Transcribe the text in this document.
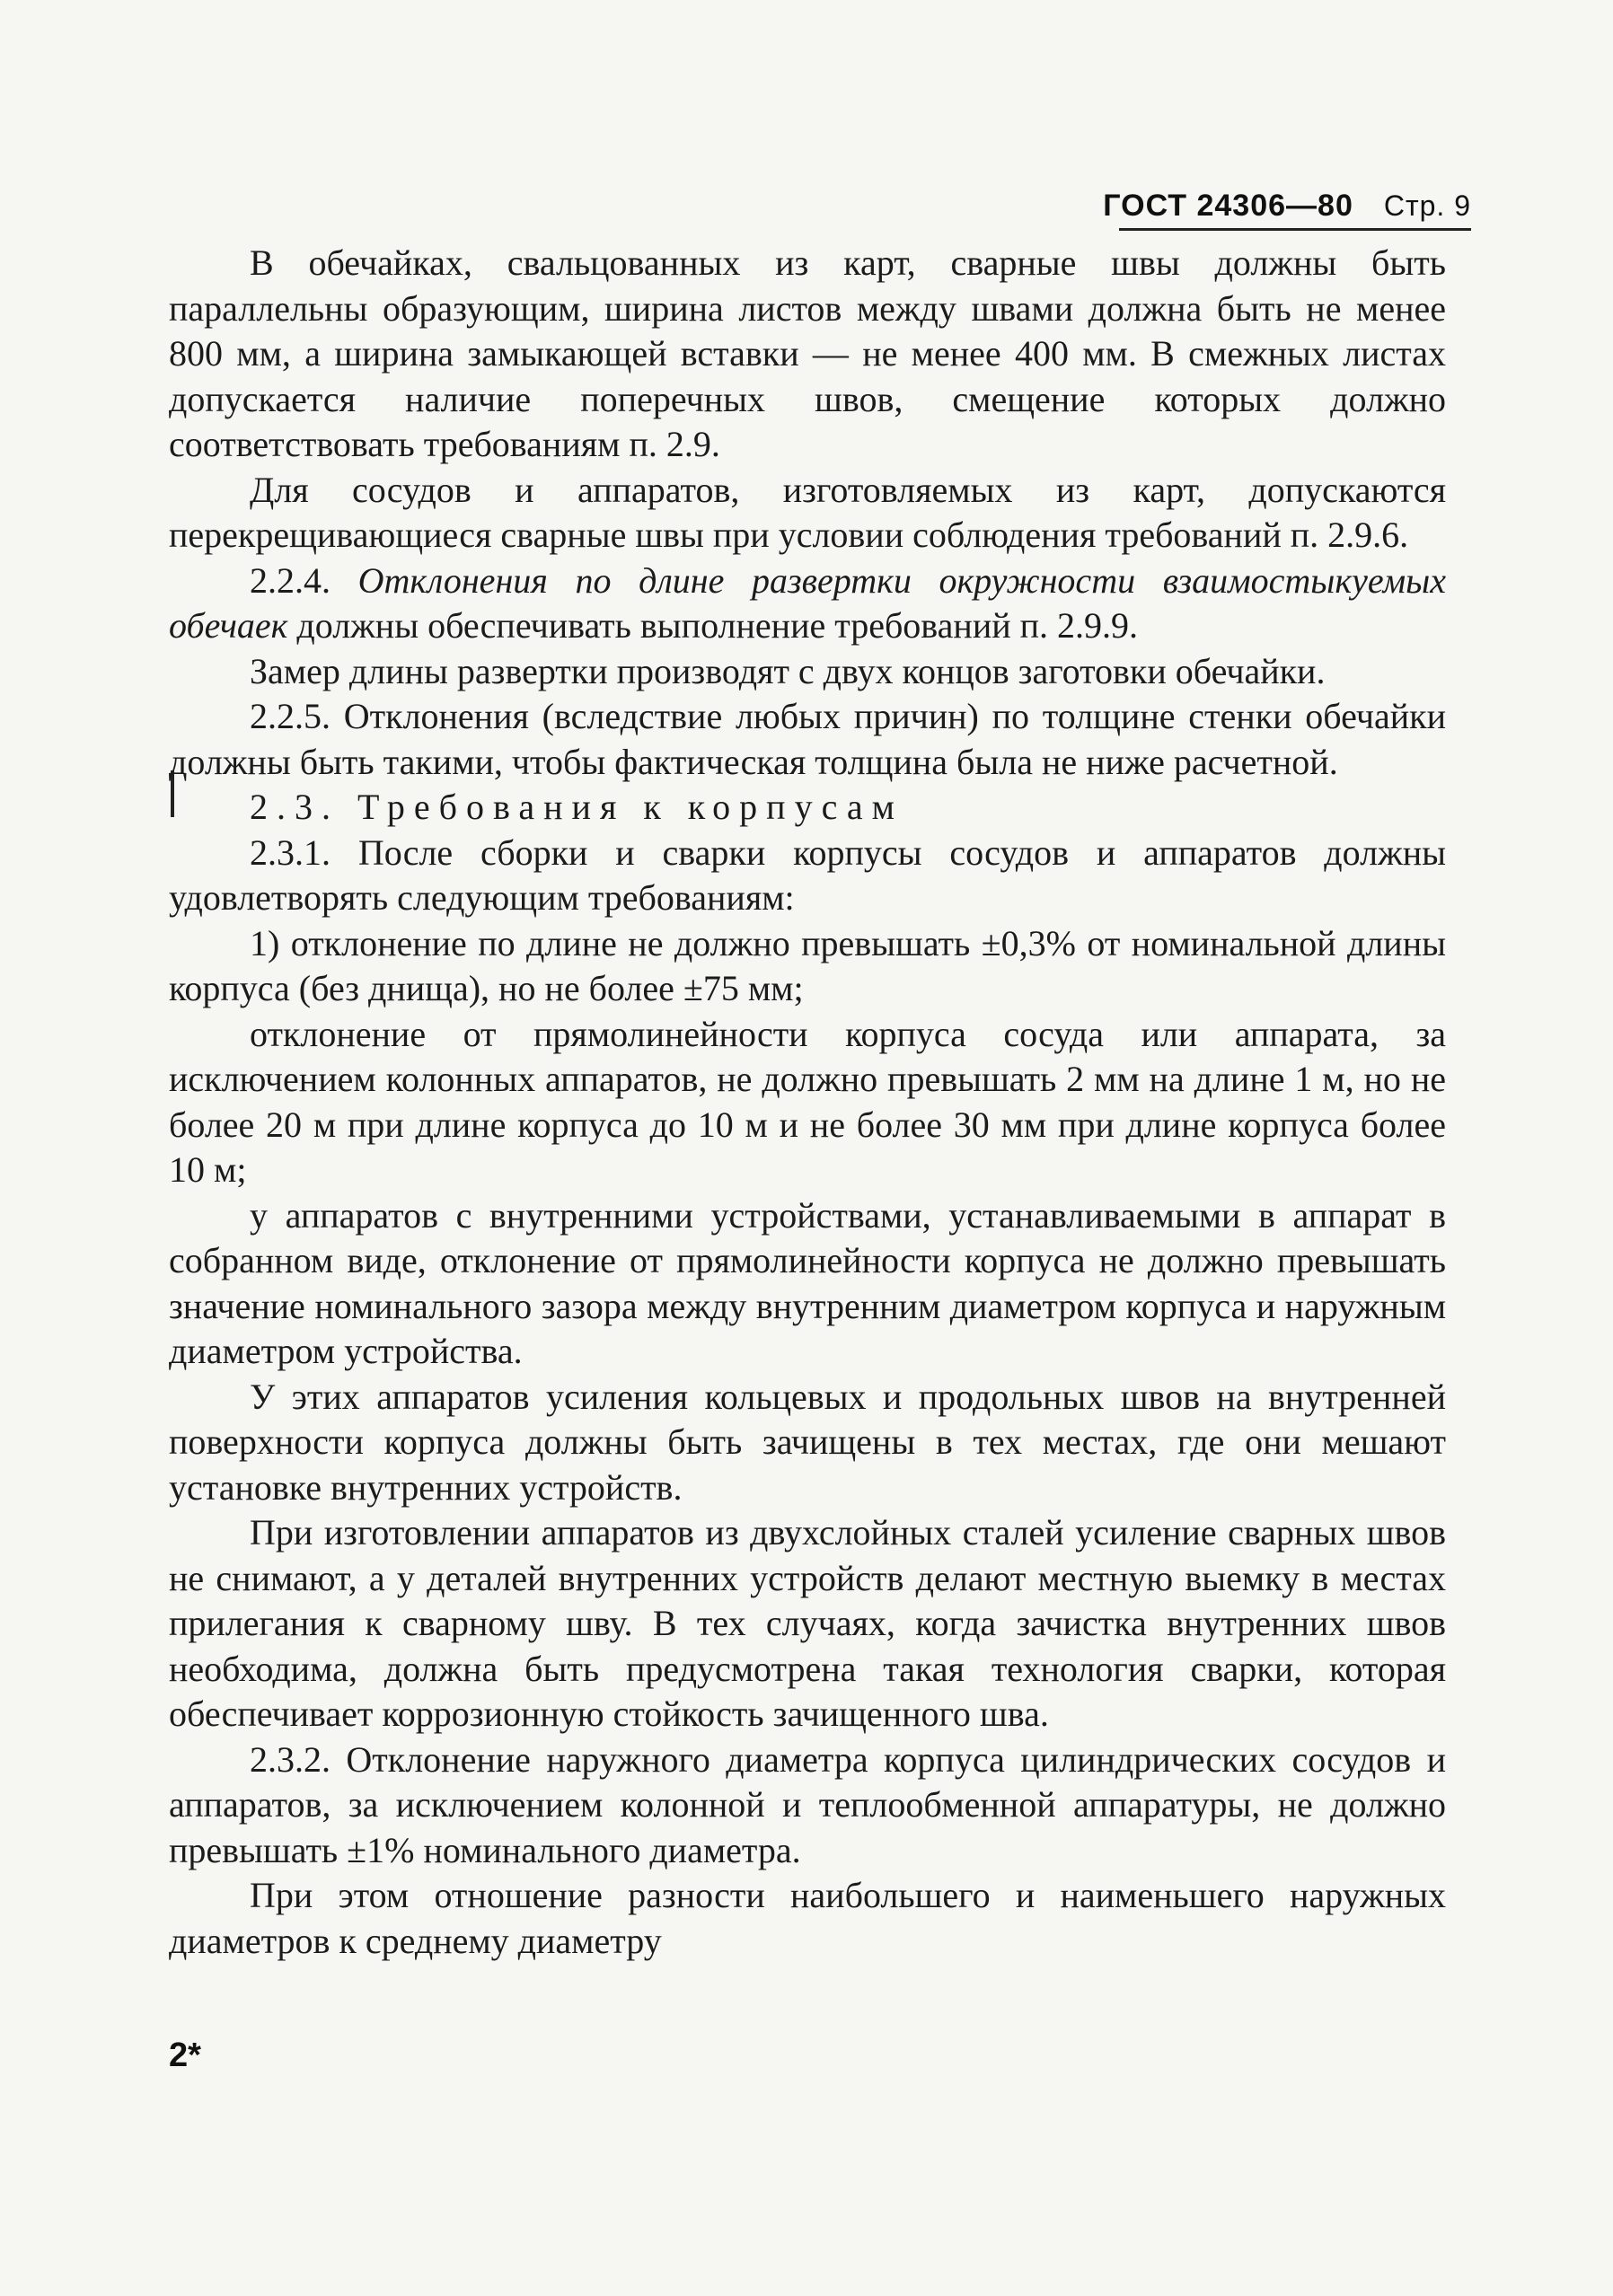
ГОСТ 24306—80 Стр. 9

В обечайках, свальцованных из карт, сварные швы должны быть параллельны образующим, ширина листов между швами должна быть не менее 800 мм, а ширина замыкающей вставки — не менее 400 мм. В смежных листах допускается наличие поперечных швов, смещение которых должно соответствовать требованиям п. 2.9.

Для сосудов и аппаратов, изготовляемых из карт, допускаются перекрещивающиеся сварные швы при условии соблюдения требований п. 2.9.6.

2.2.4. Отклонения по длине развертки окружности взаимостыкуемых обечаек должны обеспечивать выполнение требований п. 2.9.9.

Замер длины развертки производят с двух концов заготовки обечайки.

2.2.5. Отклонения (вследствие любых причин) по толщине стенки обечайки должны быть такими, чтобы фактическая толщина была не ниже расчетной.

2.3. Требования к корпусам

2.3.1. После сборки и сварки корпусы сосудов и аппаратов должны удовлетворять следующим требованиям:

1) отклонение по длине не должно превышать ±0,3% от номинальной длины корпуса (без днища), но не более ±75 мм;

отклонение от прямолинейности корпуса сосуда или аппарата, за исключением колонных аппаратов, не должно превышать 2 мм на длине 1 м, но не более 20 м при длине корпуса до 10 м и не более 30 мм при длине корпуса более 10 м;

у аппаратов с внутренними устройствами, устанавливаемыми в аппарат в собранном виде, отклонение от прямолинейности корпуса не должно превышать значение номинального зазора между внутренним диаметром корпуса и наружным диаметром устройства.

У этих аппаратов усиления кольцевых и продольных швов на внутренней поверхности корпуса должны быть зачищены в тех местах, где они мешают установке внутренних устройств.

При изготовлении аппаратов из двухслойных сталей усиление сварных швов не снимают, а у деталей внутренних устройств делают местную выемку в местах прилегания к сварному шву. В тех случаях, когда зачистка внутренних швов необходима, должна быть предусмотрена такая технология сварки, которая обеспечивает коррозионную стойкость зачищенного шва.

2.3.2. Отклонение наружного диаметра корпуса цилиндрических сосудов и аппаратов, за исключением колонной и теплообменной аппаратуры, не должно превышать ±1% номинального диаметра.

При этом отношение разности наибольшего и наименьшего наружных диаметров к среднему диаметру

2*
